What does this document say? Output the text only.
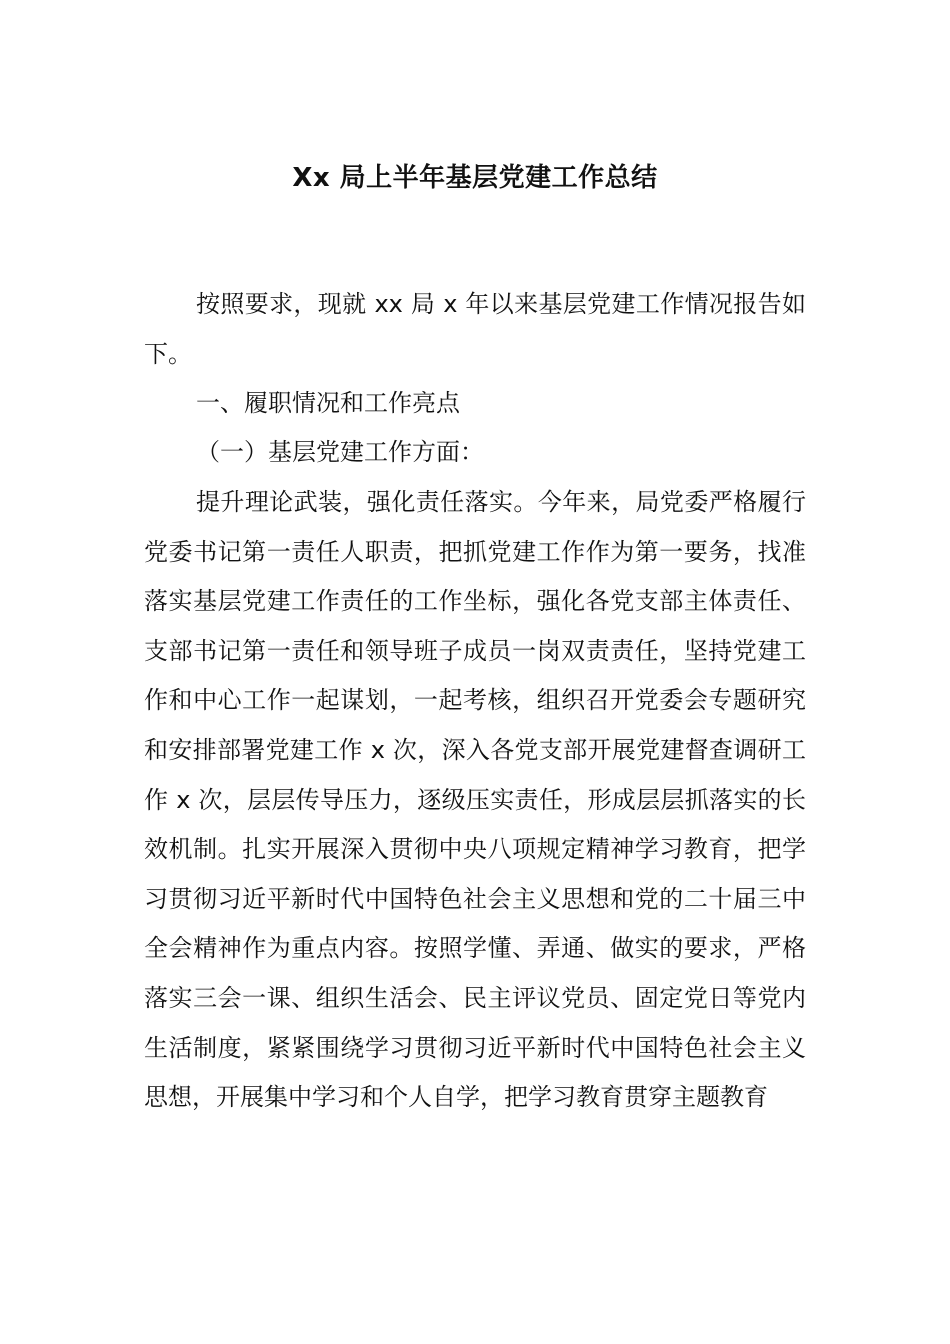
Xx 局上半年基层党建工作总结
按照要求，现就 xx 局 x 年以来基层党建工作情况报告如下。
一、履职情况和工作亮点
（一）基层党建工作方面：
提升理论武装，强化责任落实。今年来，局党委严格履行党委书记第一责任人职责，把抓党建工作作为第一要务，找准落实基层党建工作责任的工作坐标，强化各党支部主体责任、支部书记第一责任和领导班子成员一岗双责责任，坚持党建工作和中心工作一起谋划，一起考核，组织召开党委会专题研究和安排部署党建工作 x 次，深入各党支部开展党建督查调研工作 x 次，层层传导压力，逐级压实责任，形成层层抓落实的长效机制。扎实开展深入贯彻中央八项规定精神学习教育，把学习贯彻习近平新时代中国特色社会主义思想和党的二十届三中全会精神作为重点内容。按照学懂、弄通、做实的要求，严格落实三会一课、组织生活会、民主评议党员、固定党日等党内生活制度，紧紧围绕学习贯彻习近平新时代中国特色社会主义思想，开展集中学习和个人自学，把学习教育贯穿主题教育
